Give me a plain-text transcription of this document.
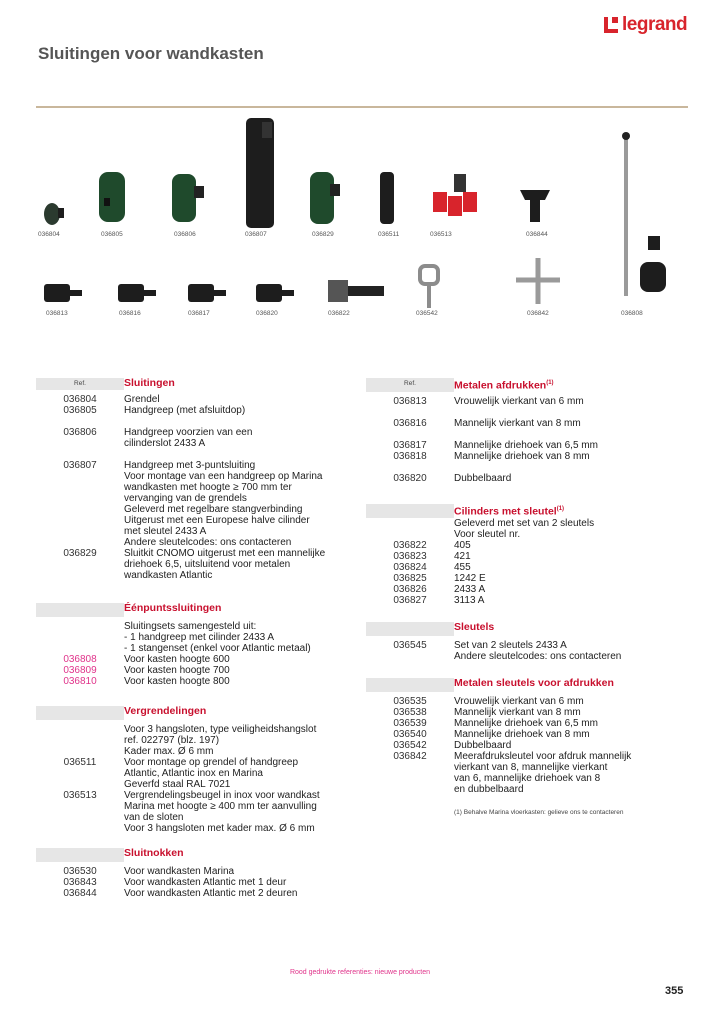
legrand
Sluitingen voor wandkasten
036804	036805	036806	036807	036829	036511	036513	036844
036813	036816	036817	036820	036822	036542	036842	036808
Ref.	Sluitingen
036804	Grendel
036805	Handgreep (met afsluitdop)
036806	Handgreep voorzien van een
cilinderslot 2433 A
036807	Handgreep met 3-puntsluiting
Voor montage van een handgreep op Marina
wandkasten met hoogte ≥ 700 mm ter
vervanging van de grendels
Geleverd met regelbare stangverbinding
Uitgerust met een Europese halve cilinder
met sleutel 2433 A
Andere sleutelcodes: ons contacteren
036829	Sluitkit CNOMO uitgerust met een mannelijke
driehoek 6,5, uitsluitend voor metalen
wandkasten Atlantic
Éénpuntssluitingen
Sluitingsets samengesteld uit:
- 1 handgreep met cilinder 2433 A
- 1 stangenset (enkel voor Atlantic metaal)
036808	Voor kasten hoogte 600
036809	Voor kasten hoogte 700
036810	Voor kasten hoogte 800
Vergrendelingen
Voor 3 hangsloten, type veiligheidshangslot
ref. 022797 (blz. 197)
Kader max. Ø 6 mm
036511	Voor montage op grendel of handgreep
Atlantic, Atlantic inox en Marina
Geverfd staal RAL 7021
036513	Vergrendelingsbeugel in inox voor wandkast
Marina met hoogte ≥ 400 mm ter aanvulling
van de sloten
Voor 3 hangsloten met kader max. Ø 6 mm
Sluitnokken
036530	Voor wandkasten Marina
036843	Voor wandkasten Atlantic met 1 deur
036844	Voor wandkasten Atlantic met 2 deuren
Ref.	Metalen afdrukken$^{(1)}$
036813	Vrouwelijk vierkant van 6 mm
036816	Mannelijk vierkant van 8 mm
036817	Mannelijke driehoek van 6,5 mm
036818	Mannelijke driehoek van 8 mm
036820	Dubbelbaard
Cilinders met sleutel$^{(1)}$
Geleverd met set van 2 sleutels
Voor sleutel nr.
036822	405
036823	421
036824	455
036825	1242 E
036826	2433 A
036827	3113 A
Sleutels
036545	Set van 2 sleutels 2433 A
Andere sleutelcodes: ons contacteren
Metalen sleutels voor afdrukken
036535	Vrouwelijk vierkant van 6 mm
036538	Mannelijk vierkant van 8 mm
036539	Mannelijke driehoek van 6,5 mm
036540	Mannelijke driehoek van 8 mm
036542	Dubbelbaard
036842	Meerafdruksleutel voor afdruk mannelijk
vierkant van 8, mannelijke vierkant
van 6, mannelijke driehoek van 8
en dubbelbaard
(1) Behalve Marina vloerkasten: gelieve ons te contacteren
Rood gedrukte referenties: nieuwe producten
355
